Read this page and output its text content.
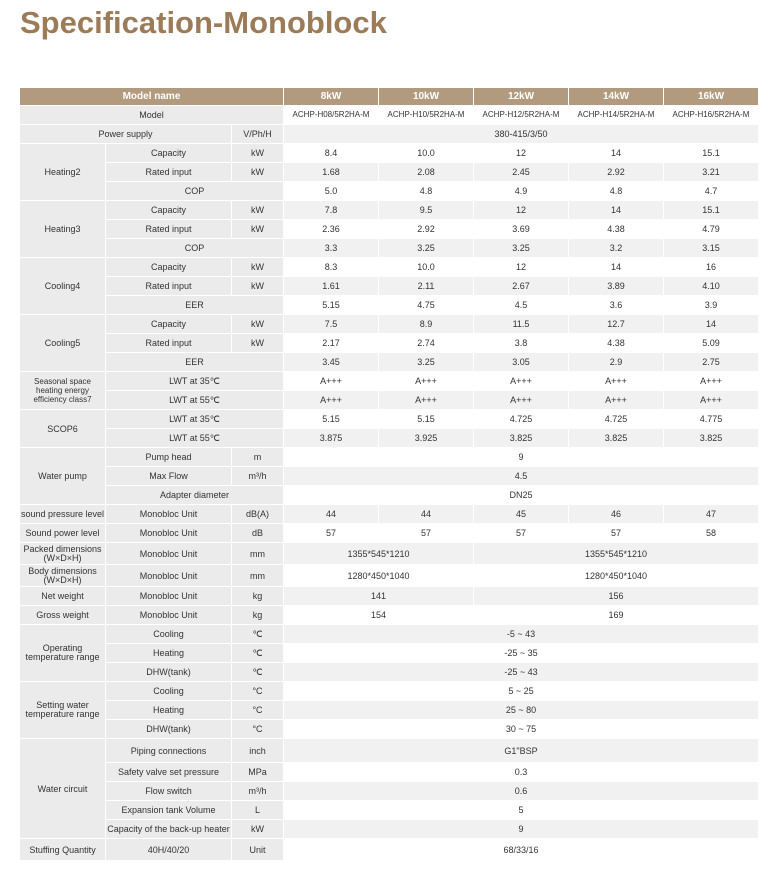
Specification-Monoblock
Model name			8kW	10kW	12kW	14kW	16kW
Model			ACHP-H08/5R2HA-M	ACHP-H10/5R2HA-M	ACHP-H12/5R2HA-M	ACHP-H14/5R2HA-M	ACHP-H16/5R2HA-M
Power supply		V/Ph/H	380-415/3/50				
Heating2	Capacity	kW	8.4	10.0	12	14	15.1
	Rated input	kW	1.68	2.08	2.45	2.92	3.21
	COP		5.0	4.8	4.9	4.8	4.7
Heating3	Capacity	kW	7.8	9.5	12	14	15.1
	Rated input	kW	2.36	2.92	3.69	4.38	4.79
	COP		3.3	3.25	3.25	3.2	3.15
Cooling4	Capacity	kW	8.3	10.0	12	14	16
	Rated input	kW	1.61	2.11	2.67	3.89	4.10
	EER		5.15	4.75	4.5	3.6	3.9
Cooling5	Capacity	kW	7.5	8.9	11.5	12.7	14
	Rated input	kW	2.17	2.74	3.8	4.38	5.09
	EER		3.45	3.25	3.05	2.9	2.75
Seasonal space heating energy efficiency class7	LWT at 35℃		A+++	A+++	A+++	A+++	A+++
	LWT at 55℃		A+++	A+++	A+++	A+++	A+++
SCOP6	LWT at 35℃		5.15	5.15	4.725	4.725	4.775
	LWT at 55℃		3.875	3.925	3.825	3.825	3.825
Water pump	Pump head	m	9				
	Max Flow	m³/h	4.5				
	Adapter diameter		DN25				
sound pressure level	Monobloc Unit	dB(A)	44	44	45	46	47
Sound power level	Monobloc Unit	dB	57	57	57	57	58
Packed dimensions (W×D×H)	Monobloc Unit	mm	1355*545*1210		1355*545*1210		
Body dimensions (W×D×H)	Monobloc Unit	mm	1280*450*1040		1280*450*1040		
Net weight	Monobloc Unit	kg	141		156		
Gross weight	Monobloc Unit	kg	154		169		
Operating temperature range	Cooling	℃	-5 ~ 43				
	Heating	℃	-25 ~ 35				
	DHW(tank)	℃	-25 ~ 43				
Setting water temperature range	Cooling	°C	5 ~ 25				
	Heating	°C	25 ~ 80				
	DHW(tank)	°C	30 ~ 75				
Water circuit	Piping connections	inch	G1"BSP				
	Safety valve set pressure	MPa	0.3				
	Flow switch	m³/h	0.6				
	Expansion tank Volume	L	5				
	Capacity of the back-up heater	kW	9				
Stuffing Quantity	40H/40/20	Unit	68/33/16				
